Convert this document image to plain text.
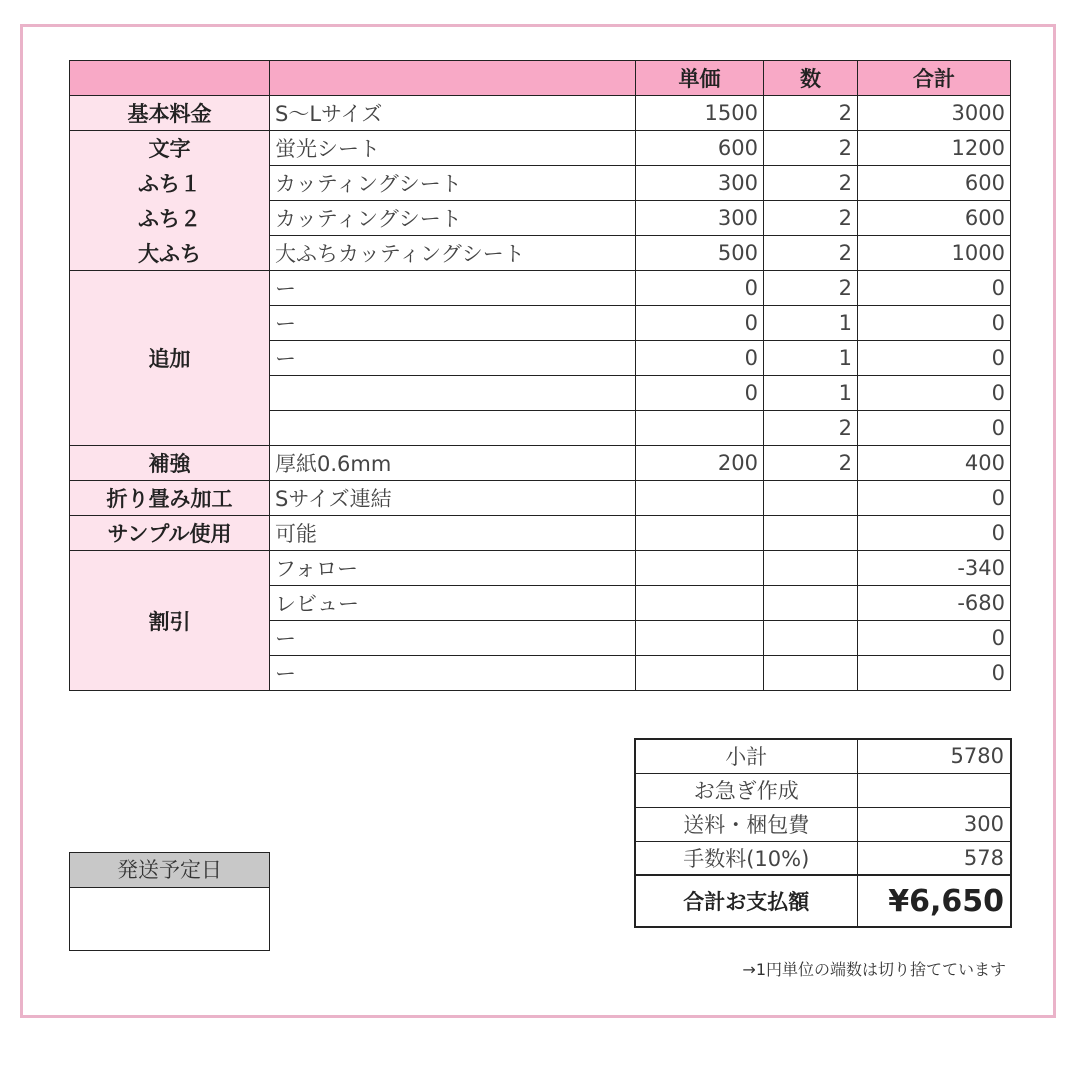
		単価	数	合計
基本料金	S〜Lサイズ	1500	2	3000
文字	蛍光シート	600	2	1200
ふち１	カッティングシート	300	2	600
ふち２	カッティングシート	300	2	600
大ふち	大ふちカッティングシート	500	2	1000
追加	ー	0	2	0
	ー	0	1	0
	ー	0	1	0
		0	1	0
			2	0
補強	厚紙0.6mm	200	2	400
折り畳み加工	Sサイズ連結			0
サンプル使用	可能			0
割引	フォロー			-340
	レビュー			-680
	ー			0
	ー			0
小計	5780
お急ぎ作成	
送料・梱包費	300
手数料(10%)	578
合計お支払額	¥6,650
→1円単位の端数は切り捨てています
発送予定日
